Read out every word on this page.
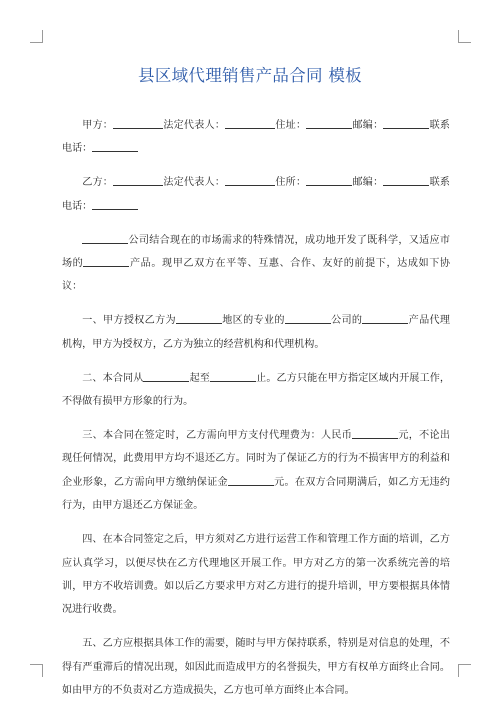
县区域代理销售产品合同 模板

甲方：	法定代表人：	住址：	邮编：	联系电话：

乙方：	法定代表人：	住所：	邮编：	联系电话：

公司结合现在的市场需求的特殊情况，成功地开发了既科学，又适应市场的	产品。现甲乙双方在平等、互惠、合作、友好的前提下，达成如下协议：

一、甲方授权乙方为	地区的专业的	公司的	产品代理机构，甲方为授权方，乙方为独立的经营机构和代理机构。

二、本合同从	起至	止。乙方只能在甲方指定区域内开展工作，不得做有损甲方形象的行为。

三、本合同在签定时，乙方需向甲方支付代理费为：人民币	元，不论出现任何情况，此费用甲方均不退还乙方。同时为了保证乙方的行为不损害甲方的利益和企业形象，乙方需向甲方缴纳保证金	元。在双方合同期满后，如乙方无违约行为，由甲方退还乙方保证金。

四、在本合同签定之后，甲方须对乙方进行运营工作和管理工作方面的培训，乙方应认真学习，以便尽快在乙方代理地区开展工作。甲方对乙方的第一次系统完善的培训，甲方不收培训费。如以后乙方要求甲方对乙方进行的提升培训，甲方要根据具体情况进行收费。

五、乙方应根据具体工作的需要，随时与甲方保持联系，特别是对信息的处理，不得有严重滞后的情况出现，如因此而造成甲方的名誉损失，甲方有权单方面终止合同。如由甲方的不负责对乙方造成损失，乙方也可单方面终止本合同。
